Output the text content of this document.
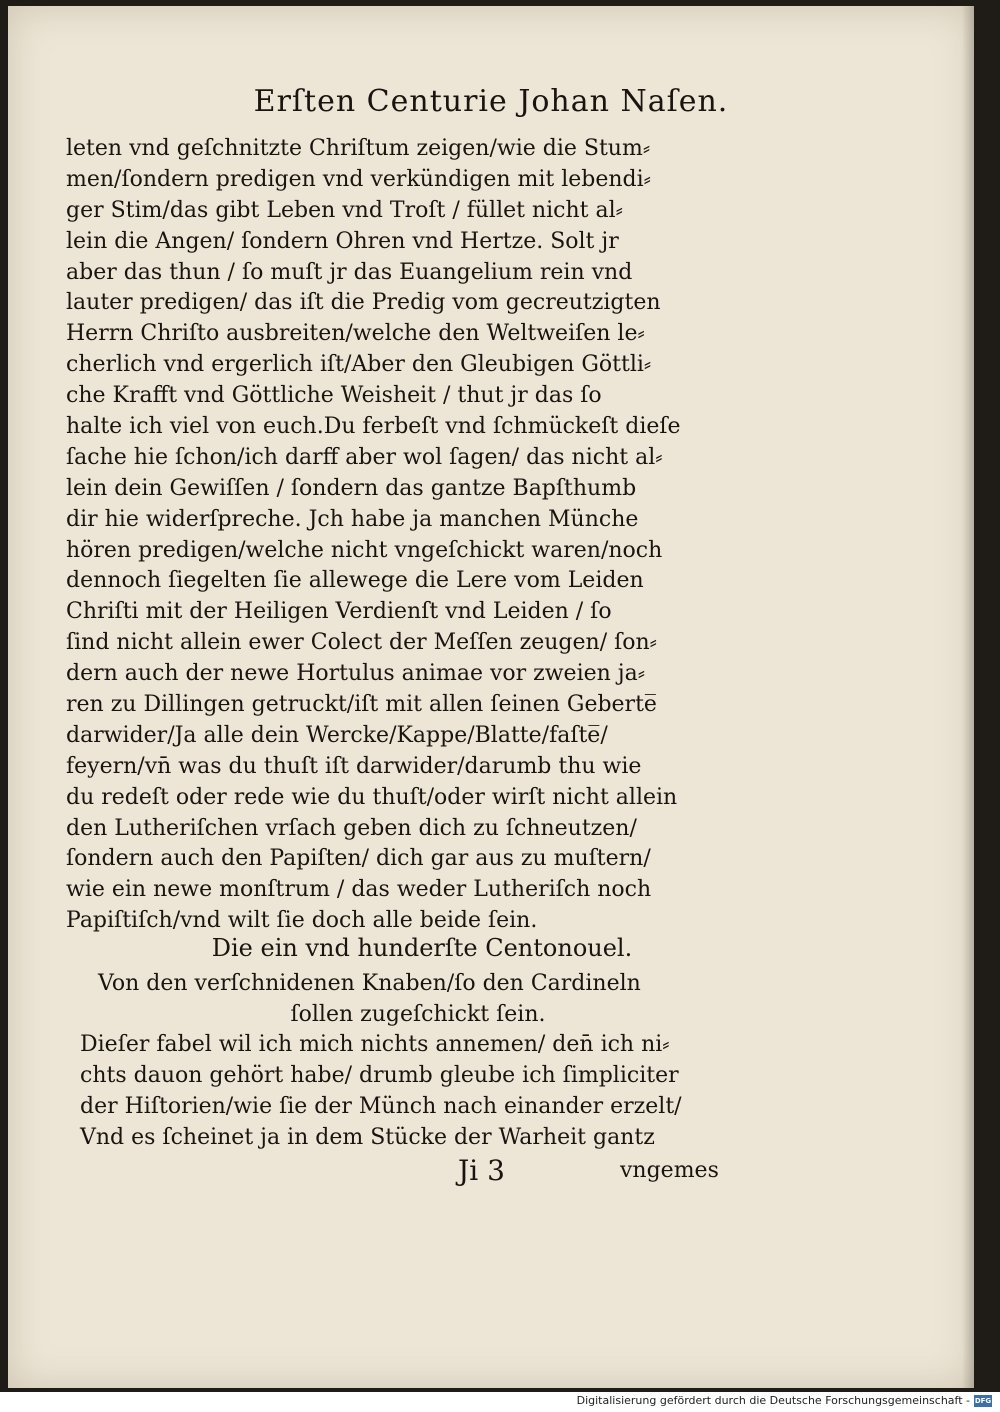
Erſten Centurie Johan Naſen.
leten vnd geſchnitzte Chriſtum zeigen/wie die Stum⸗
men/ſondern predigen vnd verkündigen mit lebendi⸗
ger Stim/das gibt Leben vnd Troſt / füllet nicht al⸗
lein die Angen/ ſondern Ohren vnd Hertze. Solt jr
aber das thun / ſo muſt jr das Euangelium rein vnd
lauter predigen/ das iſt die Predig vom gecreutzigten
Herrn Chriſto ausbreiten/welche den Weltweiſen le⸗
cherlich vnd ergerlich iſt/Aber den Gleubigen Göttli⸗
che Krafft vnd Göttliche Weisheit / thut jr das ſo
halte ich viel von euch.Du ferbeſt vnd ſchmückeſt dieſe
ſache hie ſchon/ich darff aber wol ſagen/ das nicht al⸗
lein dein Gewiſſen / ſondern das gantze Bapſthumb
dir hie widerſpreche. Jch habe ja manchen Münche
hören predigen/welche nicht vngeſchickt waren/noch
dennoch ſiegelten ſie allewege die Lere vom Leiden
Chriſti mit der Heiligen Verdienſt vnd Leiden / ſo
ſind nicht allein ewer Colect der Meſſen zeugen/ ſon⸗
dern auch der newe Hortulus animae vor zweien ja⸗
ren zu Dillingen getruckt/iſt mit allen ſeinen Geberte̅
darwider/Ja alle dein Wercke/Kappe/Blatte/faſte̅/
feyern/vn̄ was du thuſt iſt darwider/darumb thu wie
du redeſt oder rede wie du thuſt/oder wirſt nicht allein
den Lutheriſchen vrſach geben dich zu ſchneutzen/
ſondern auch den Papiſten/ dich gar aus zu muſtern/
wie ein newe monſtrum / das weder Lutheriſch noch
Papiſtiſch/vnd wilt ſie doch alle beide ſein.
Die ein vnd hunderſte Centonouel.
Von den verſchnidenen Knaben/ſo den Cardineln
ſollen zugeſchickt ſein.
Dieſer fabel wil ich mich nichts annemen/ den̄ ich ni⸗
chts dauon gehört habe/ drumb gleube ich ſimpliciter
der Hiſtorien/wie ſie der Münch nach einander erzelt/
Vnd es ſcheinet ja in dem Stücke der Warheit gantz
Ji 3	vngemes
Digitalisierung gefördert durch die Deutsche Forschungsgemeinschaft - DFG
